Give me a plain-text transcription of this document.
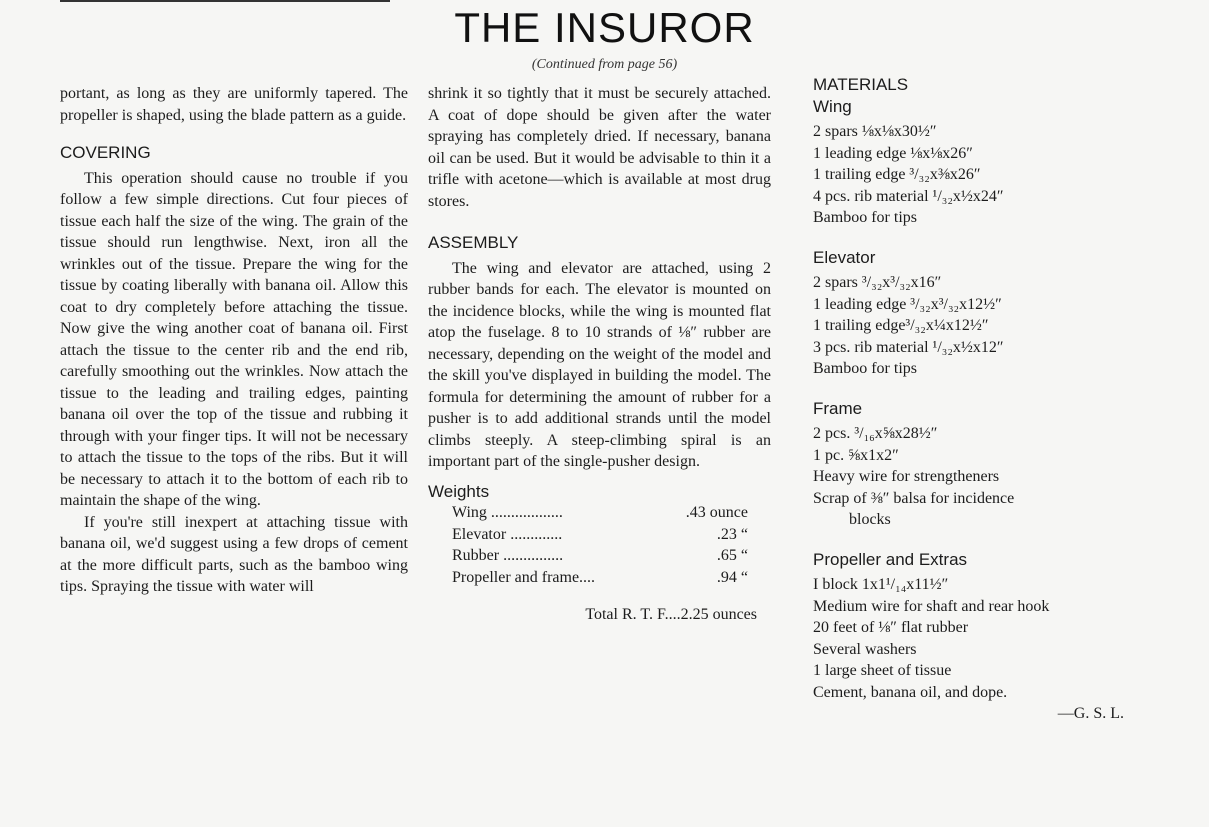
THE INSUROR
(Continued from page 56)

portant, as long as they are uniformly tapered. The propeller is shaped, using the blade pattern as a guide.

COVERING

This operation should cause no trouble if you follow a few simple directions. Cut four pieces of tissue each half the size of the wing. The grain of the tissue should run lengthwise. Next, iron all the wrinkles out of the tissue. Prepare the wing for the tissue by coating liberally with banana oil. Allow this coat to dry completely before attaching the tissue. Now give the wing another coat of banana oil. First attach the tissue to the center rib and the end rib, carefully smoothing out the wrinkles. Now attach the tissue to the leading and trailing edges, painting banana oil over the top of the tissue and rubbing it through with your finger tips. It will not be necessary to attach the tissue to the tops of the ribs. But it will be necessary to attach it to the bottom of each rib to maintain the shape of the wing.

If you're still inexpert at attaching tissue with banana oil, we'd suggest using a few drops of cement at the more difficult parts, such as the bamboo wing tips. Spraying the tissue with water will

shrink it so tightly that it must be securely attached. A coat of dope should be given after the water spraying has completely dried. If necessary, banana oil can be used. But it would be advisable to thin it a trifle with acetone—which is available at most drug stores.

ASSEMBLY

The wing and elevator are attached, using 2 rubber bands for each. The elevator is mounted on the incidence blocks, while the wing is mounted flat atop the fuselage. 8 to 10 strands of ⅛″ rubber are necessary, depending on the weight of the model and the skill you've displayed in building the model. The formula for determining the amount of rubber for a pusher is to add additional strands until the model climbs steeply. A steep-climbing spiral is an important part of the single-pusher design.

Weights

Wing ..................	.43 ounce
Elevator .............	.23 “
Rubber ...............	.65 “
Propeller and frame....	.94 “
Total R. T. F....2.25 ounces

MATERIALS

Wing

2 spars ⅛x⅛x30½″
1 leading edge ⅛x⅛x26″
1 trailing edge ³/₃₂x⅜x26″
4 pcs. rib material ¹/₃₂x½x24″
Bamboo for tips

Elevator

2 spars ³/₃₂x³/₃₂x16″
1 leading edge ³/₃₂x³/₃₂x12½″
1 trailing edge³/₃₂x¼x12½″
3 pcs. rib material ¹/₃₂x½x12″
Bamboo for tips

Frame

2 pcs. ³/₁₆x⅝x28½″
1 pc. ⅝x1x2″
Heavy wire for strengtheners
Scrap of ⅜″ balsa for incidence
blocks

Propeller and Extras

I block 1x1¹/₁₄x11½″
Medium wire for shaft and rear hook
20 feet of ⅛″ flat rubber
Several washers
1 large sheet of tissue
Cement, banana oil, and dope.
—G. S. L.
